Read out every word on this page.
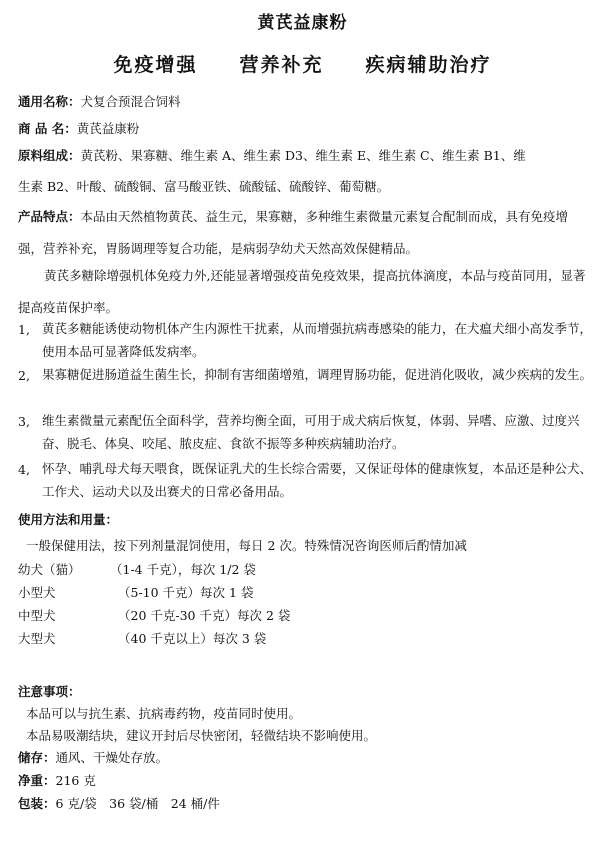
黄芪益康粉
免疫增强　　营养补充　　疾病辅助治疗
通用名称：犬复合预混合饲料
商 品 名：黄芪益康粉
原料组成：黄芪粉、果寡糖、维生素 A、维生素 D3、维生素 E、维生素 C、维生素 B1、维
生素 B2、叶酸、硫酸铜、富马酸亚铁、硫酸锰、硫酸锌、葡萄糖。
产品特点：本品由天然植物黄芪、益生元，果寡糖，多种维生素微量元素复合配制而成，具有免疫增强，营养补充，胃肠调理等复合功能，是病弱孕幼犬天然高效保健精品。
黄芪多糖除增强机体免疫力外,还能显著增强疫苗免疫效果，提高抗体滴度，本品与疫苗同用，显著提高疫苗保护率。
1, 黄芪多糖能诱使动物机体产生内源性干扰素，从而增强抗病毒感染的能力，在犬瘟犬细小高发季节，使用本品可显著降低发病率。
2, 果寡糖促进肠道益生菌生长，抑制有害细菌增殖，调理胃肠功能，促进消化吸收，减少疾病的发生。
3, 维生素微量元素配伍全面科学，营养均衡全面，可用于成犬病后恢复，体弱、异嗜、应激、过度兴奋、脱毛、体臭、咬尾、脓皮症、食欲不振等多种疾病辅助治疗。
4, 怀孕、哺乳母犬每天喂食，既保证乳犬的生长综合需要，又保证母体的健康恢复，本品还是种公犬、工作犬、运动犬以及出赛犬的日常必备用品。
使用方法和用量：
一般保健用法，按下列剂量混饲使用，每日 2 次。特殊情况咨询医师后酌情加减
幼犬（猫） （1-4 千克），每次 1/2 袋
小型犬	（5-10 千克）每次 1 袋
中型犬	（20 千克-30 千克）每次 2 袋
大型犬	（40 千克以上）每次 3 袋
注意事项：
本品可以与抗生素、抗病毒药物，疫苗同时使用。
本品易吸潮结块，建议开封后尽快密闭，轻微结块不影响使用。
储存：通风、干燥处存放。
净重：216 克
包装：6 克/袋　36 袋/桶　24 桶/件
